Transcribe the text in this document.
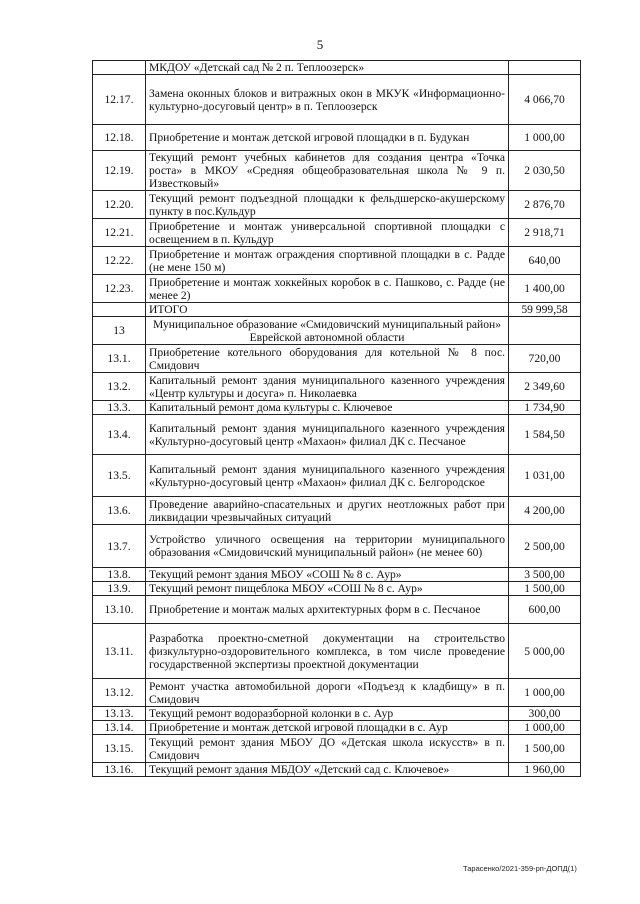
5
	МКДОУ «Детскай сад № 2 п. Теплоозерск»	
12.17.	Замена оконных блоков и витражных окон в МКУК «Информационно-культурно-досуговый центр» в п. Теплоозерск	4 066,70
12.18.	Приобретение и монтаж детской игровой площадки в п. Будукан	1 000,00
12.19.	Текущий ремонт учебных кабинетов для создания центра «Точка роста» в МКОУ «Средняя общеобразовательная школа № 9 п. Известковый»	2 030,50
12.20.	Текущий ремонт подъездной площадки к фельдшерско-акушерскому пункту в пос.Кульдур	2 876,70
12.21.	Приобретение и монтаж универсальной спортивной площадки с освещением в п. Кульдур	2 918,71
12.22.	Приобретение и монтаж ограждения спортивной площадки в с. Радде (не мене 150 м)	640,00
12.23.	Приобретение и монтаж хоккейных коробок в с. Пашково, с. Радде (не менее 2)	1 400,00
	ИТОГО	59 999,58
13	Муниципальное образование «Смидовичский муниципальный район» Еврейской автономной области	
13.1.	Приобретение котельного оборудования для котельной № 8 пос. Смидович	720,00
13.2.	Капитальный ремонт здания муниципального казенного учреждения «Центр культуры и досуга» п. Николаевка	2 349,60
13.3.	Капитальный ремонт дома культуры с. Ключевое	1 734,90
13.4.	Капитальный ремонт здания муниципального казенного учреждения «Культурно-досуговый центр «Махаон» филиал ДК с. Песчаное	1 584,50
13.5.	Капитальный ремонт здания муниципального казенного учреждения «Культурно-досуговый центр «Махаон» филиал ДК с. Белгородское	1 031,00
13.6.	Проведение аварийно-спасательных и других неотложных работ при ликвидации чрезвычайных ситуаций	4 200,00
13.7.	Устройство уличного освещения на территории муниципального образования «Смидовичский муниципальный район» (не менее 60)	2 500,00
13.8.	Текущий ремонт здания МБОУ «СОШ № 8 с. Аур»	3 500,00
13.9.	Текущий ремонт пищеблока МБОУ «СОШ № 8 с. Аур»	1 500,00
13.10.	Приобретение и монтаж малых архитектурных форм в с. Песчаное	600,00
13.11.	Разработка проектно-сметной документации на строительство физкультурно-оздоровительного комплекса, в том числе проведение государственной экспертизы проектной документации	5 000,00
13.12.	Ремонт участка автомобильной дороги «Подъезд к кладбищу» в п. Смидович	1 000,00
13.13.	Текущий ремонт водоразборной колонки в с. Аур	300,00
13.14.	Приобретение и монтаж детской игровой площадки в с. Аур	1 000,00
13.15.	Текущий ремонт здания МБОУ ДО «Детская школа искусств» в п. Смидович	1 500,00
13.16.	Текущий ремонт здания МБДОУ «Детский сад с. Ключевое»	1 960,00
Тарасенко/2021-359-рп-ДОПД(1)
